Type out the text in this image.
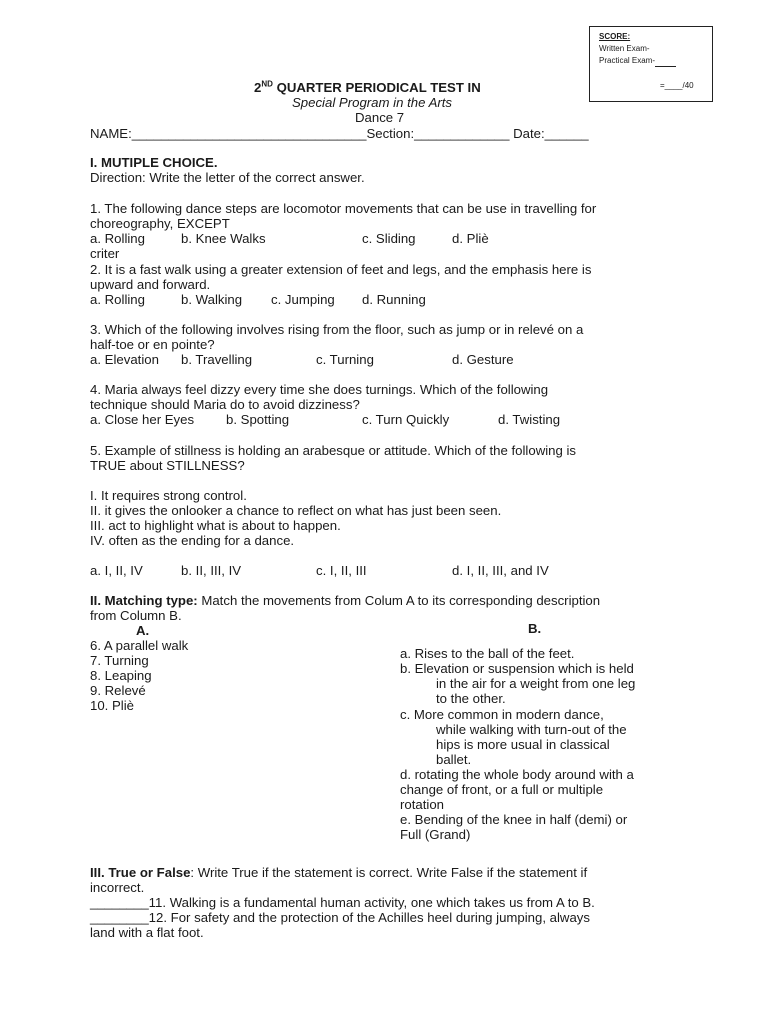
SCORE:
Written Exam-
Practical Exam-
=____/40
2ND QUARTER PERIODICAL TEST IN
Special Program in the Arts
Dance 7
NAME:________________________________Section:_____________ Date:______
I. MUTIPLE CHOICE.
Direction: Write the letter of the correct answer.
1. The following dance steps are locomotor movements that can be use in travelling for
choreography, EXCEPT
a. Rolling	b. Knee Walks	c. Sliding	d. Pliè
criter
2. It is a fast walk using a greater extension of feet and legs, and the emphasis here is
upward and forward.
a. Rolling	b. Walking c. Jumping d. Running
3. Which of the following involves rising from the floor, such as jump or in relevé on a
half-toe or en pointe?
a. Elevation b. Travelling	c. Turning	d. Gesture
4. Maria always feel dizzy every time she does turnings. Which of the following
technique should Maria do to avoid dizziness?
a. Close her Eyes b. Spotting	c. Turn Quickly	d. Twisting
5. Example of stillness is holding an arabesque or attitude. Which of the following is
TRUE about STILLNESS?
I. It requires strong control.
II. it gives the onlooker a chance to reflect on what has just been seen.
III. act to highlight what is about to happen.
IV. often as the ending for a dance.
a. I, II, IV	b. II, III, IV	c. I, II, III	d. I, II, III, and IV
II. Matching type: Match the movements from Colum A to its corresponding description
from Column B.
A.	B.
6. A parallel walk
7. Turning
8. Leaping
9. Relevé
10. Pliè
a. Rises to the ball of the feet.
b. Elevation or suspension which is held
in the air for a weight from one leg
to the other.
c. More common in modern dance,
while walking with turn-out of the
hips is more usual in classical
ballet.
d. rotating the whole body around with a
change of front, or a full or multiple
rotation
e. Bending of the knee in half (demi) or
Full (Grand)
III. True or False: Write True if the statement is correct. Write False if the statement if
incorrect.
________11. Walking is a fundamental human activity, one which takes us from A to B.
________12. For safety and the protection of the Achilles heel during jumping, always
land with a flat foot.
